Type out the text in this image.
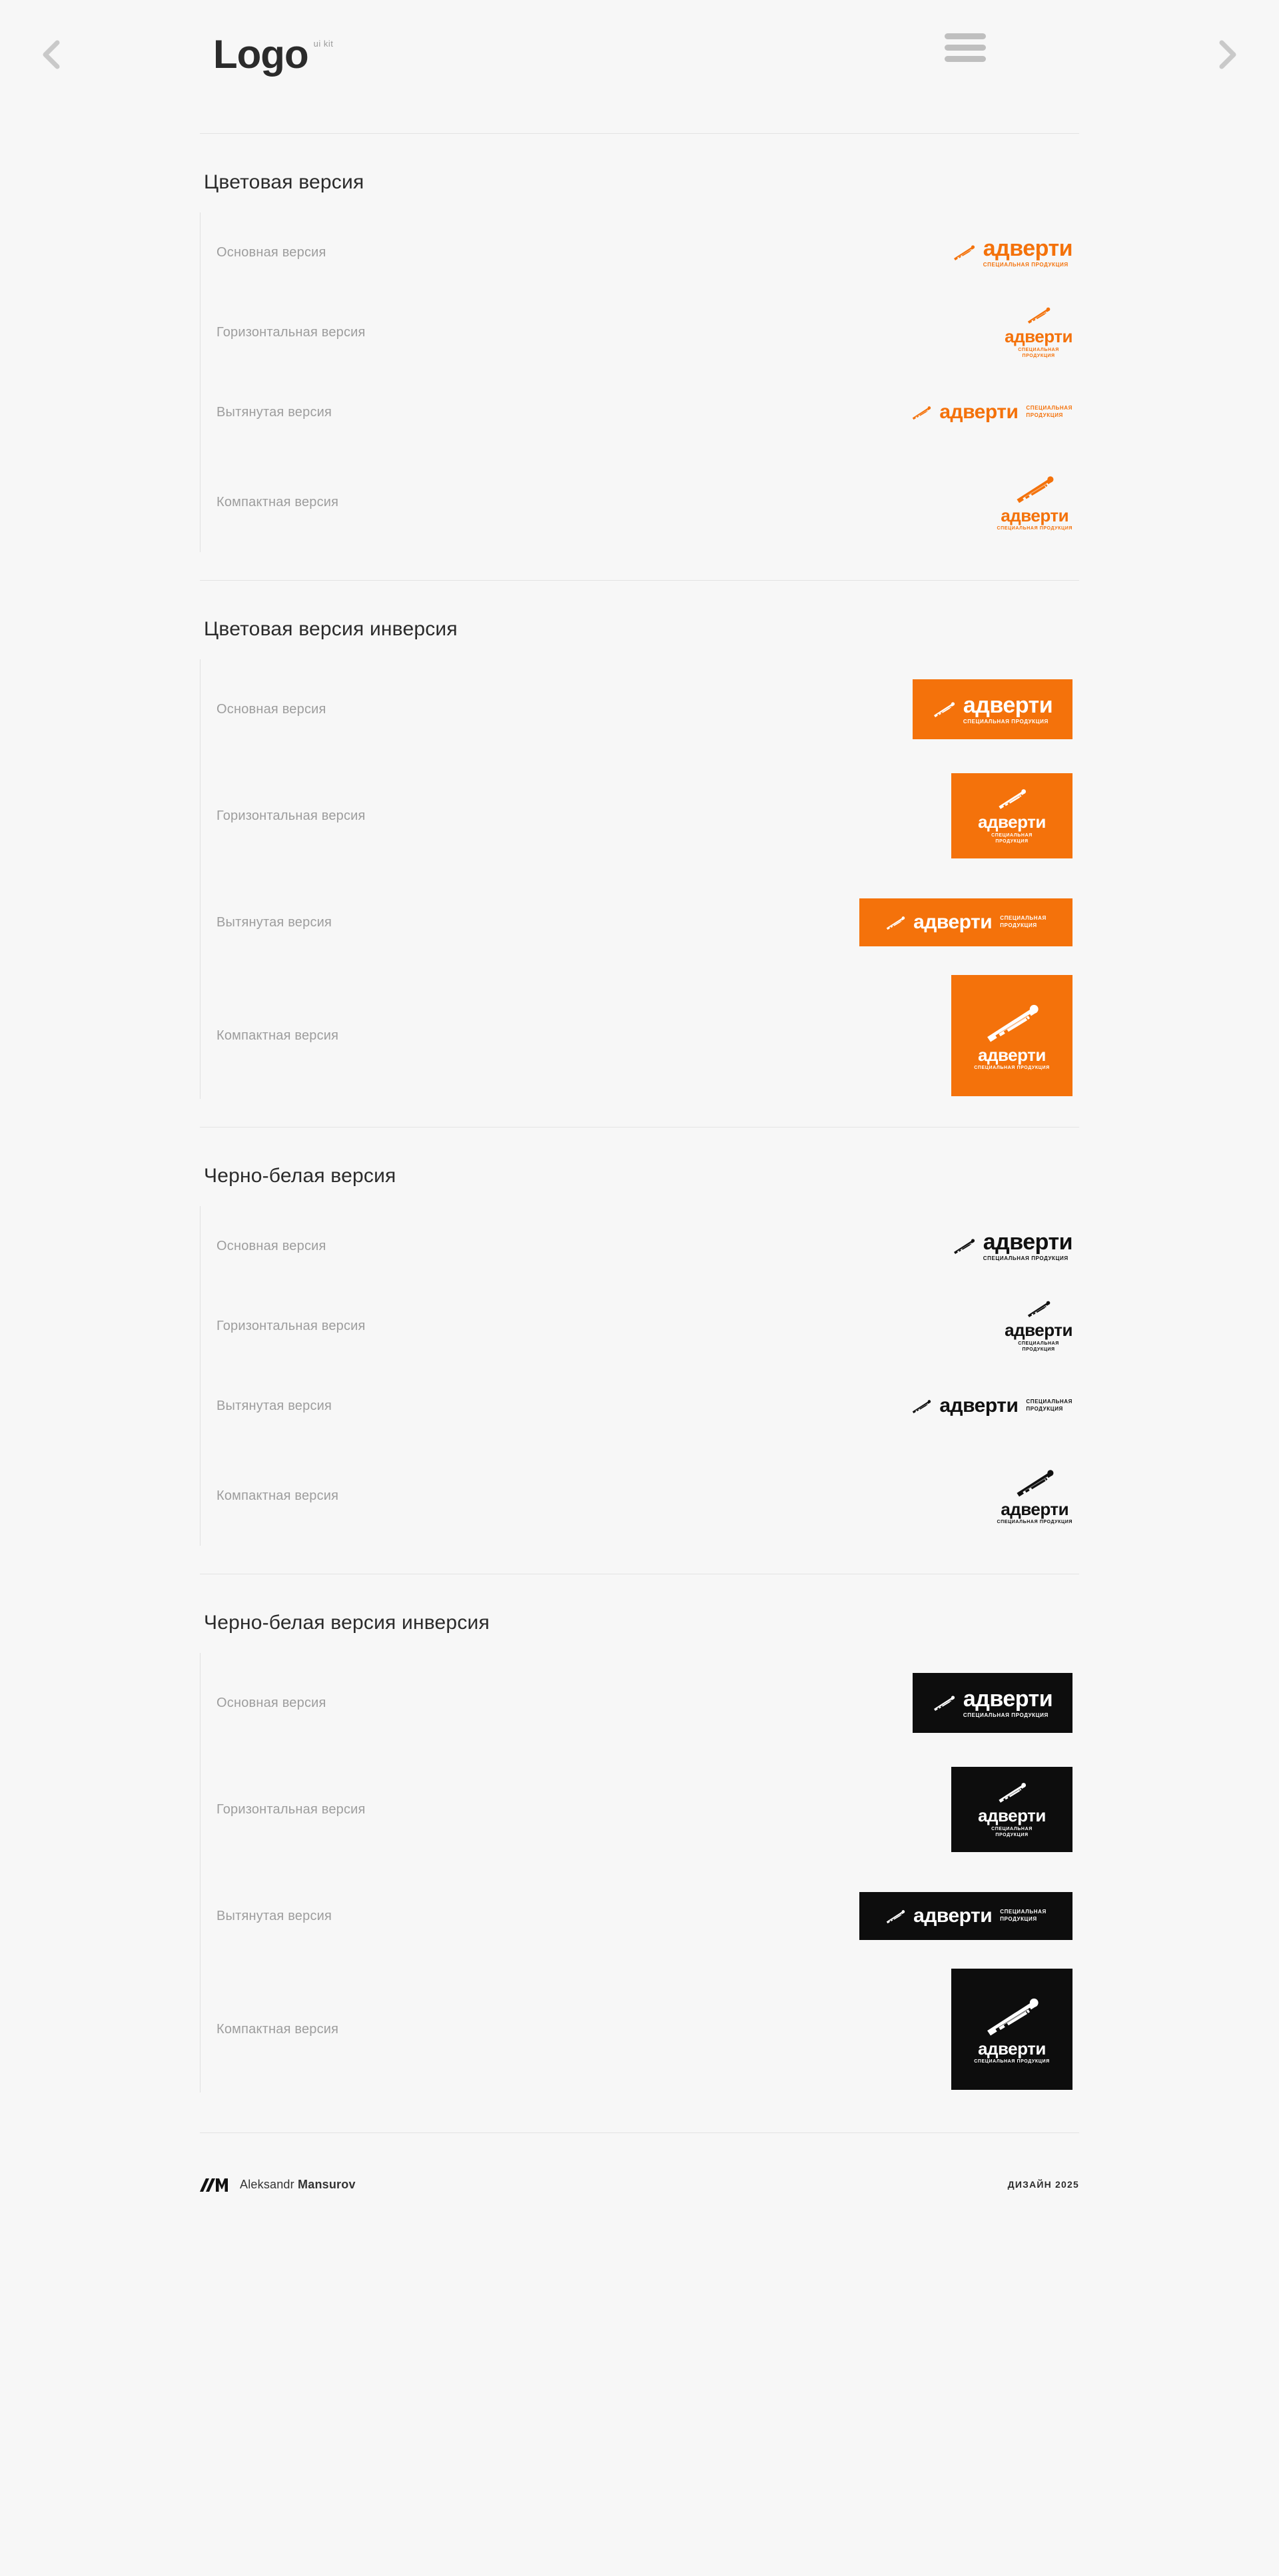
Logo ui kit
Цветовая версия
Основная версия	адверти
СПЕЦИАЛЬНАЯ ПРОДУКЦИЯ
Горизонтальная версия	адверти
СПЕЦИАЛЬНАЯ
ПРОДУКЦИЯ
Вытянутая версия	адверти СПЕЦИАЛЬНАЯ
ПРОДУКЦИЯ
Компактная версия
адверти
СПЕЦИАЛЬНАЯ ПРОДУКЦИЯ
Цветовая версия инверсия
Основная версия	адверти
СПЕЦИАЛЬНАЯ ПРОДУКЦИЯ
Горизонтальная версия	адверти
СПЕЦИАЛЬНАЯ
ПРОДУКЦИЯ
Вытянутая версия	адверти СПЕЦИАЛЬНАЯ
ПРОДУКЦИЯ
Компактная версия
адверти
СПЕЦИАЛЬНАЯ ПРОДУКЦИЯ
Черно-белая версия
Основная версия	адверти
СПЕЦИАЛЬНАЯ ПРОДУКЦИЯ
Горизонтальная версия	адверти
СПЕЦИАЛЬНАЯ
ПРОДУКЦИЯ
Вытянутая версия	адверти СПЕЦИАЛЬНАЯ
ПРОДУКЦИЯ
Компактная версия
адверти
СПЕЦИАЛЬНАЯ ПРОДУКЦИЯ
Черно-белая версия инверсия
Основная версия	адверти
СПЕЦИАЛЬНАЯ ПРОДУКЦИЯ
Горизонтальная версия	адверти
СПЕЦИАЛЬНАЯ
ПРОДУКЦИЯ
Вытянутая версия	адверти СПЕЦИАЛЬНАЯ
ПРОДУКЦИЯ
Компактная версия
адверти
СПЕЦИАЛЬНАЯ ПРОДУКЦИЯ
Aleksandr Mansurov	ДИЗАЙН 2025
